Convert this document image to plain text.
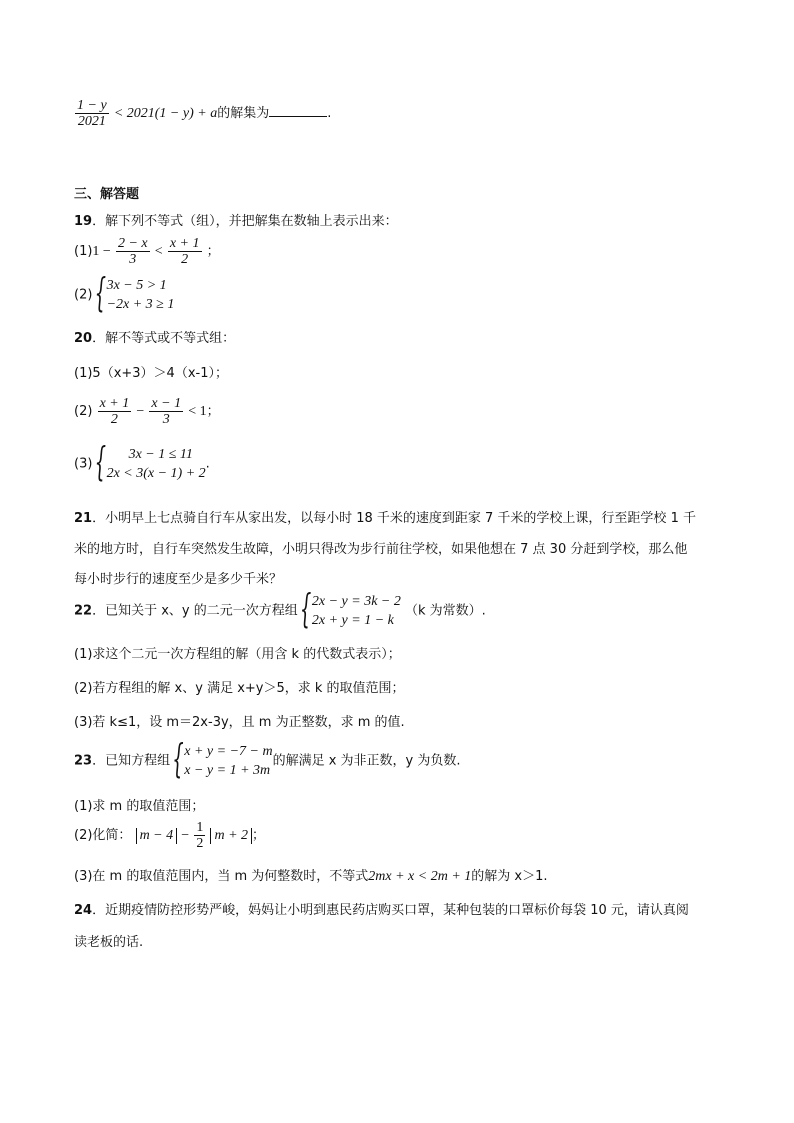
$\frac{1 - y}{2021} < 2021(1 - y) + a$的解集为	.
三、解答题
19．解下列不等式（组），并把解集在数轴上表示出来：
$(1)1 - \frac{2 - x}{3} < \frac{x + 1}{2}$ ；
(2) { 3x − 5 > 1
−2x + 3 ≥ 1
20．解不等式或不等式组：
(1)5（x+3）＞4（x-1）；
$(2) \frac{x + 1}{2} - \frac{x - 1}{3} < 1$；
(3) {	3x − 1 ≤ 11
2x < 3(x − 1) + 2
.
21．小明早上七点骑自行车从家出发，以每小时 18 千米的速度到距家 7 千米的学校上课，行至距学校 1 千
米的地方时，自行车突然发生故障，小明只得改为步行前往学校，如果他想在 7 点 30 分赶到学校，那么他
每小时步行的速度至少是多少千米？
22．已知关于 x、y 的二元一次方程组 { 2x − y = 3k − 2
2x + y = 1 − k
（k 为常数）.
(1)求这个二元一次方程组的解（用含 k 的代数式表示）；
(2)若方程组的解 x、y 满足 x+y＞5，求 k 的取值范围；
(3)若 k≤1，设 m＝2x-3y，且 m 为正整数，求 m 的值.
23．已知方程组 { x + y = −7 − m
x − y = 1 + 3m
的解满足 x 为非正数，y 为负数.
(1)求 m 的取值范围；
(2)化简： $m - 4 - \frac{1}{2}$ m + 2 ；
(3)在 m 的取值范围内，当 m 为何整数时，不等式2mx + x < 2m + 1的解为 x＞1.
24．近期疫情防控形势严峻，妈妈让小明到惠民药店购买口罩，某种包装的口罩标价每袋 10 元，请认真阅
读老板的话.
